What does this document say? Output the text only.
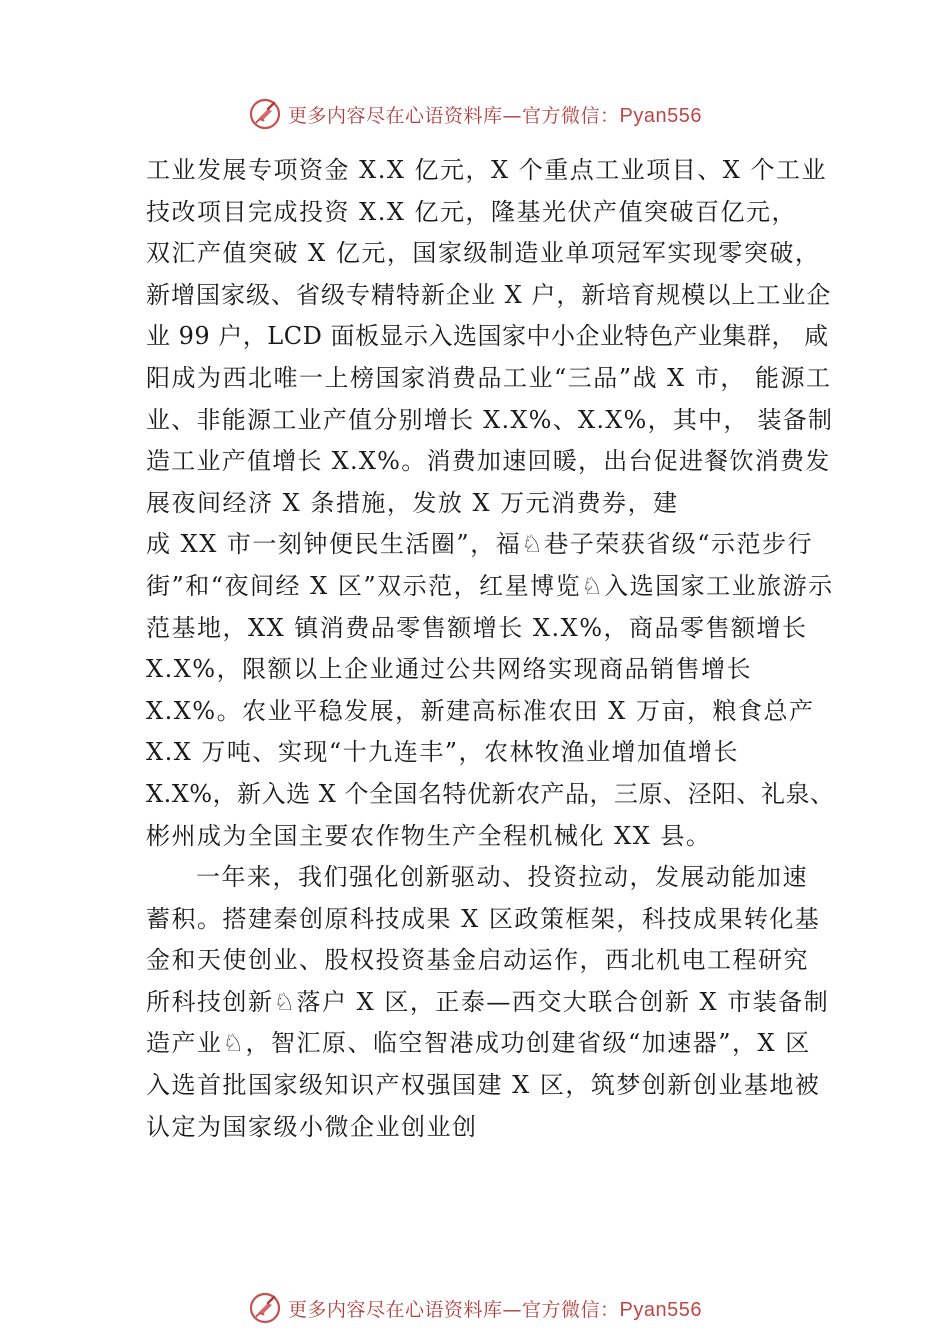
更多内容尽在心语资料库—官方微信：Pyan556
工业发展专项资金 X.X 亿元，X 个重点工业项目、X 个工业
技改项目完成投资 X.X 亿元，隆基光伏产值突破百亿元，
双汇产值突破 X 亿元，国家级制造业单项冠军实现零突破，
新增国家级、省级专精特新企业 X 户，新培育规模以上工业企
业 99 户，LCD 面板显示入选国家中小企业特色产业集群， 咸
阳成为西北唯一上榜国家消费品工业“三品”战 X 市， 能源工
业、非能源工业产值分别增长 X.X%、X.X%，其中， 装备制
造工业产值增长 X.X%。消费加速回暖，出台促进餐饮消费发
展夜间经济 X 条措施，发放 X 万元消费券，建
成 XX 市一刻钟便民生活圈”，福♘巷子荣获省级“示范步行
街”和“夜间经 X 区”双示范，红星博览♘入选国家工业旅游示
范基地，XX 镇消费品零售额增长 X.X%，商品零售额增长
X.X%，限额以上企业通过公共网络实现商品销售增长
X.X%。农业平稳发展，新建高标准农田 X 万亩，粮食总产
X.X 万吨、实现“十九连丰”，农林牧渔业增加值增长
X.X%，新入选 X 个全国名特优新农产品，三原、泾阳、礼泉、
彬州成为全国主要农作物生产全程机械化 XX 县。
一年来，我们强化创新驱动、投资拉动，发展动能加速
蓄积。搭建秦创原科技成果 X 区政策框架，科技成果转化基
金和天使创业、股权投资基金启动运作，西北机电工程研究
所科技创新♘落户 X 区，正泰—西交大联合创新 X 市装备制
造产业♘，智汇原、临空智港成功创建省级“加速器”，X 区
入选首批国家级知识产权强国建 X 区，筑梦创新创业基地被
认定为国家级小微企业创业创
更多内容尽在心语资料库—官方微信：Pyan556
